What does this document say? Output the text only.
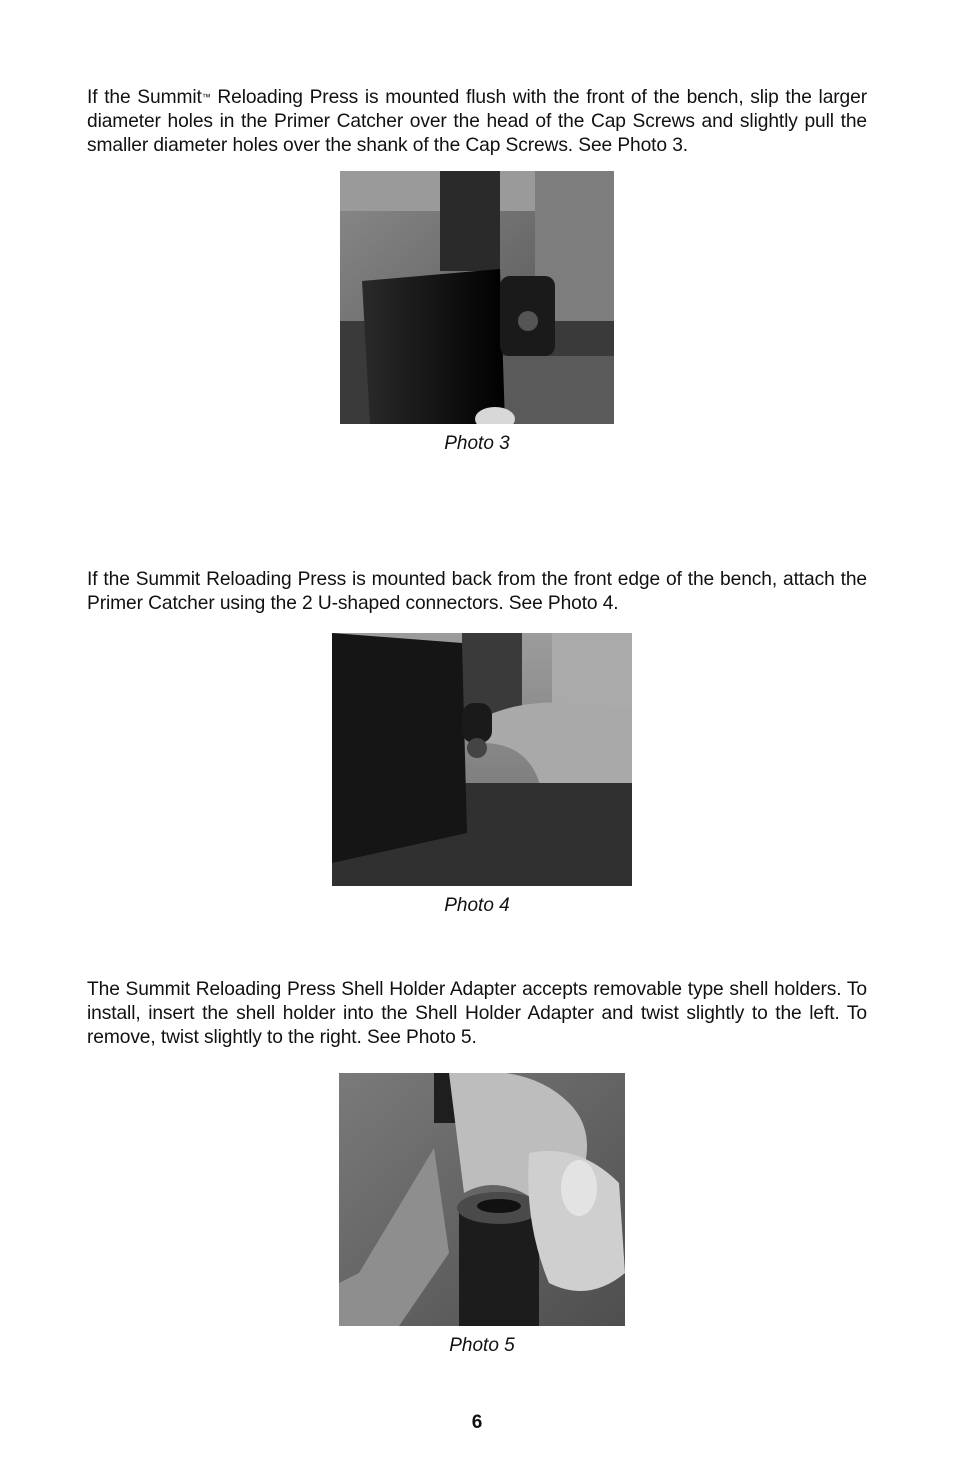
If the Summit™ Reloading Press is mounted flush with the front of the bench, slip the larger diameter holes in the Primer Catcher over the head of the Cap Screws and slightly pull the smaller diameter holes over the shank of the Cap Screws. See Photo 3.

Photo 3

If the Summit Reloading Press is mounted back from the front edge of the bench, attach the Primer Catcher using the 2 U-shaped connectors. See Photo 4.

Photo 4

The Summit Reloading Press Shell Holder Adapter accepts removable type shell holders. To install, insert the shell holder into the Shell Holder Adapter and twist slightly to the left. To remove, twist slightly to the right. See Photo 5.

Photo 5

6
